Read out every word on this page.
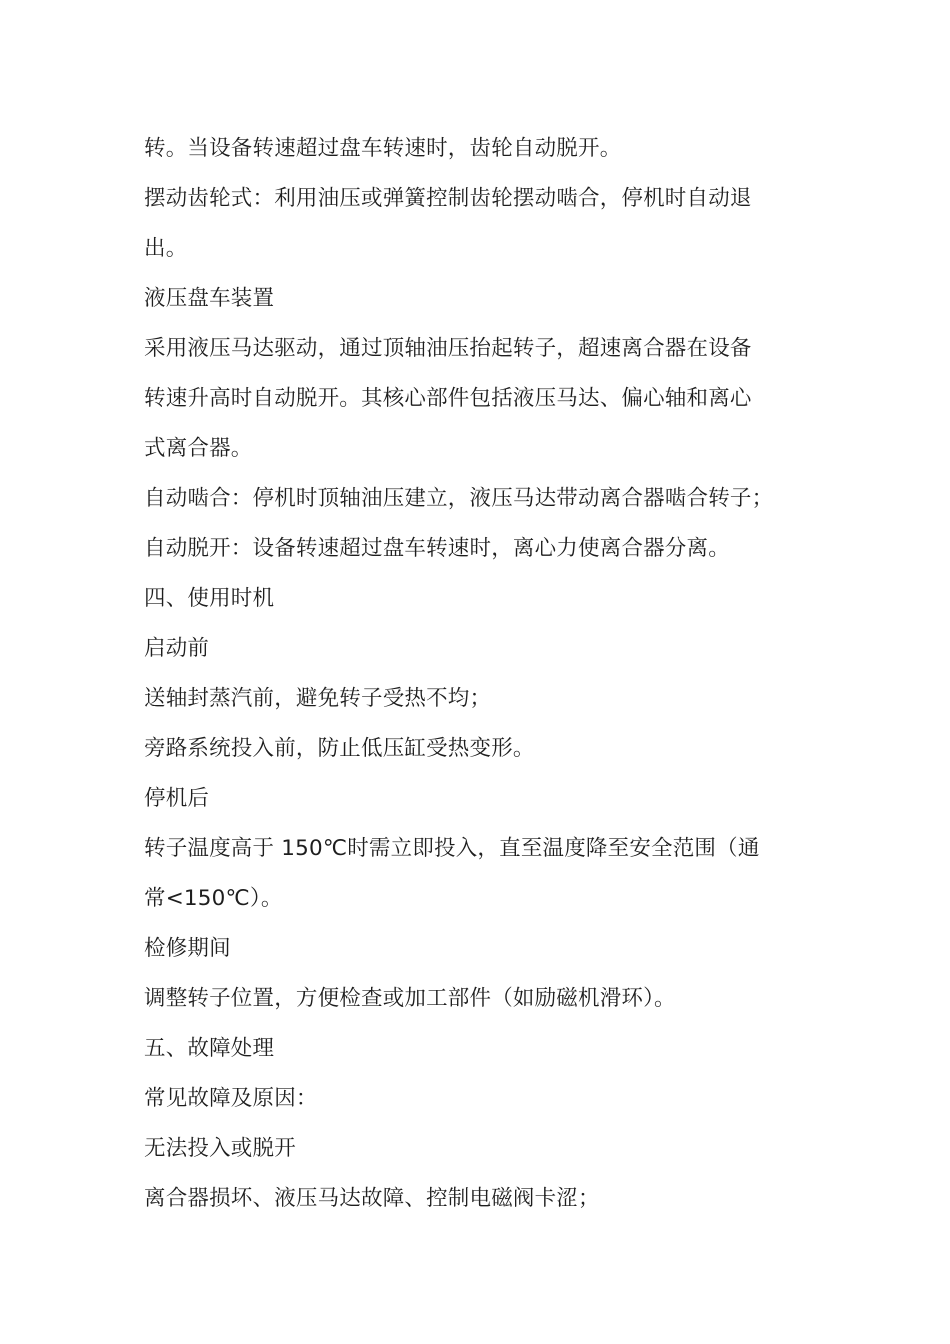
转。当设备转速超过盘车转速时，齿轮自动脱开。
摆动齿轮式：利用油压或弹簧控制齿轮摆动啮合，停机时自动退
出。
液压盘车装置
采用液压马达驱动，通过顶轴油压抬起转子，超速离合器在设备
转速升高时自动脱开。其核心部件包括液压马达、偏心轴和离心
式离合器。
自动啮合：停机时顶轴油压建立，液压马达带动离合器啮合转子；
自动脱开：设备转速超过盘车转速时，离心力使离合器分离。
四、使用时机
启动前
送轴封蒸汽前，避免转子受热不均；
旁路系统投入前，防止低压缸受热变形。
停机后
转子温度高于 150℃时需立即投入，直至温度降至安全范围（通
常<150℃）。
检修期间
调整转子位置，方便检查或加工部件（如励磁机滑环）。
五、故障处理
常见故障及原因：
无法投入或脱开
离合器损坏、液压马达故障、控制电磁阀卡涩；
